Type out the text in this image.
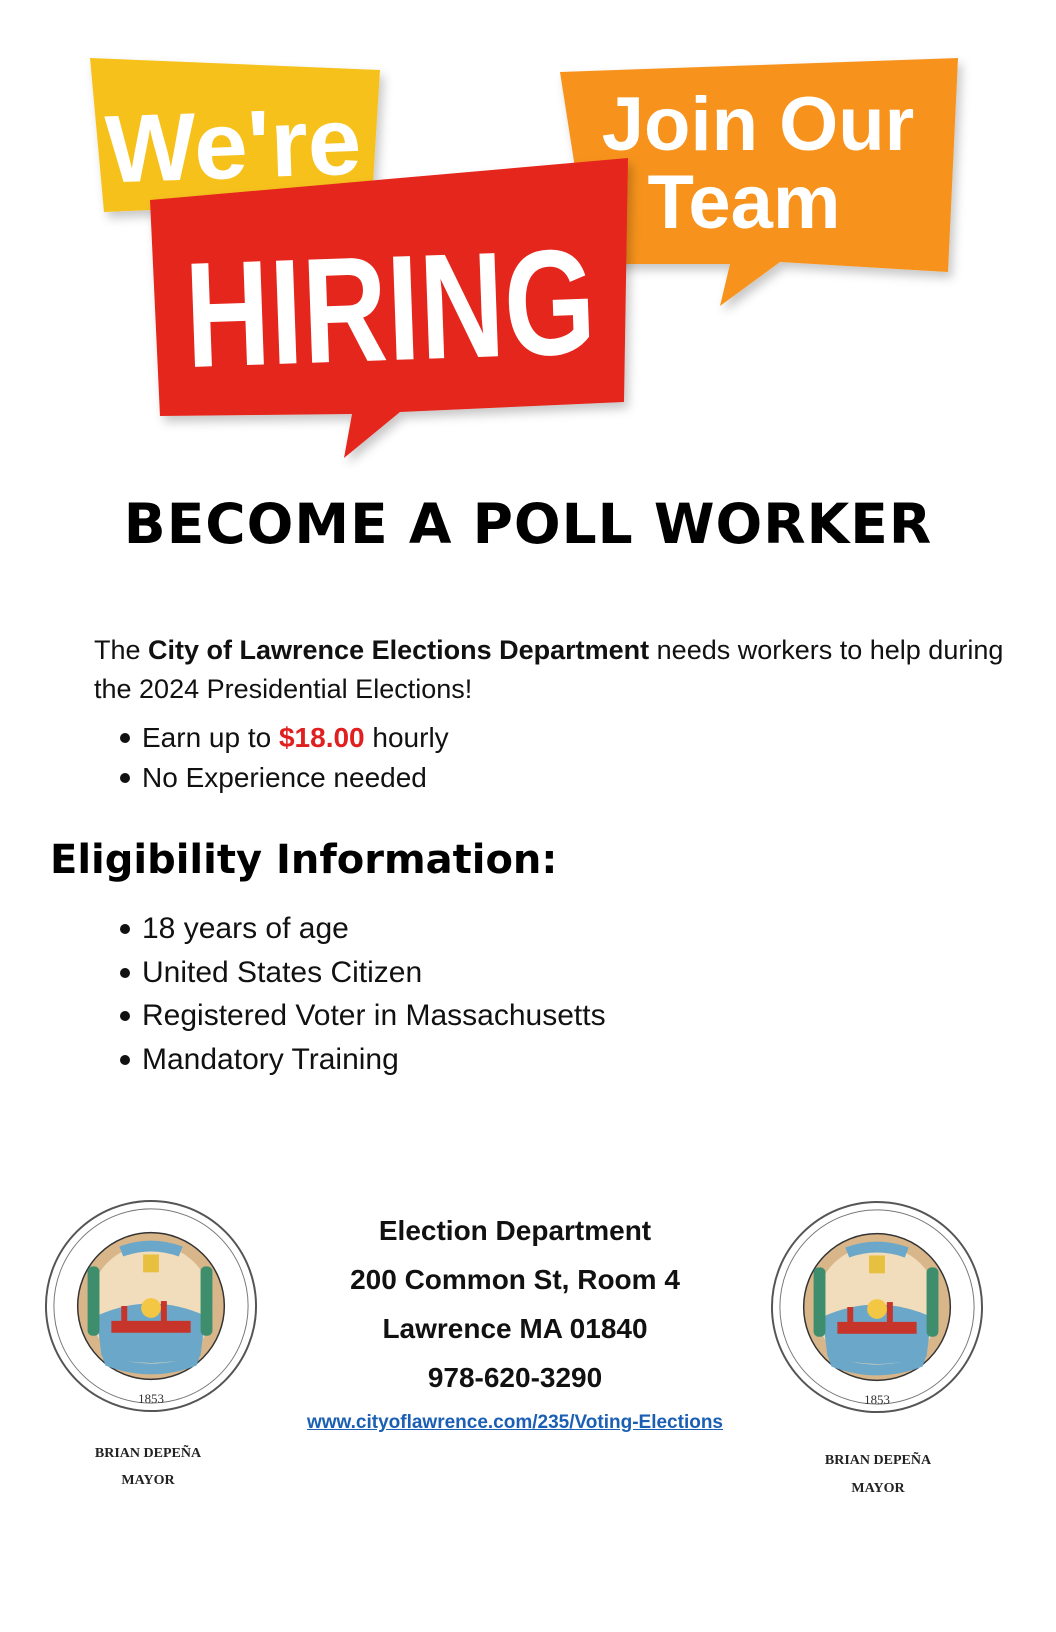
We're
HIRING
Join Our
Team
BECOME A POLL WORKER
The City of Lawrence Elections Department needs workers to help during the 2024 Presidential Elections!
Earn up to $18.00 hourly
No Experience needed
Eligibility Information:
18 years of age
United States Citizen
Registered Voter in Massachusetts
Mandatory Training
1853	1853
Election Department
200 Common St, Room 4
Lawrence MA 01840
978-620-3290
www.cityoflawrence.com/235/Voting-Elections
BRIAN DEPEÑA
MAYOR
BRIAN DEPEÑA
MAYOR
